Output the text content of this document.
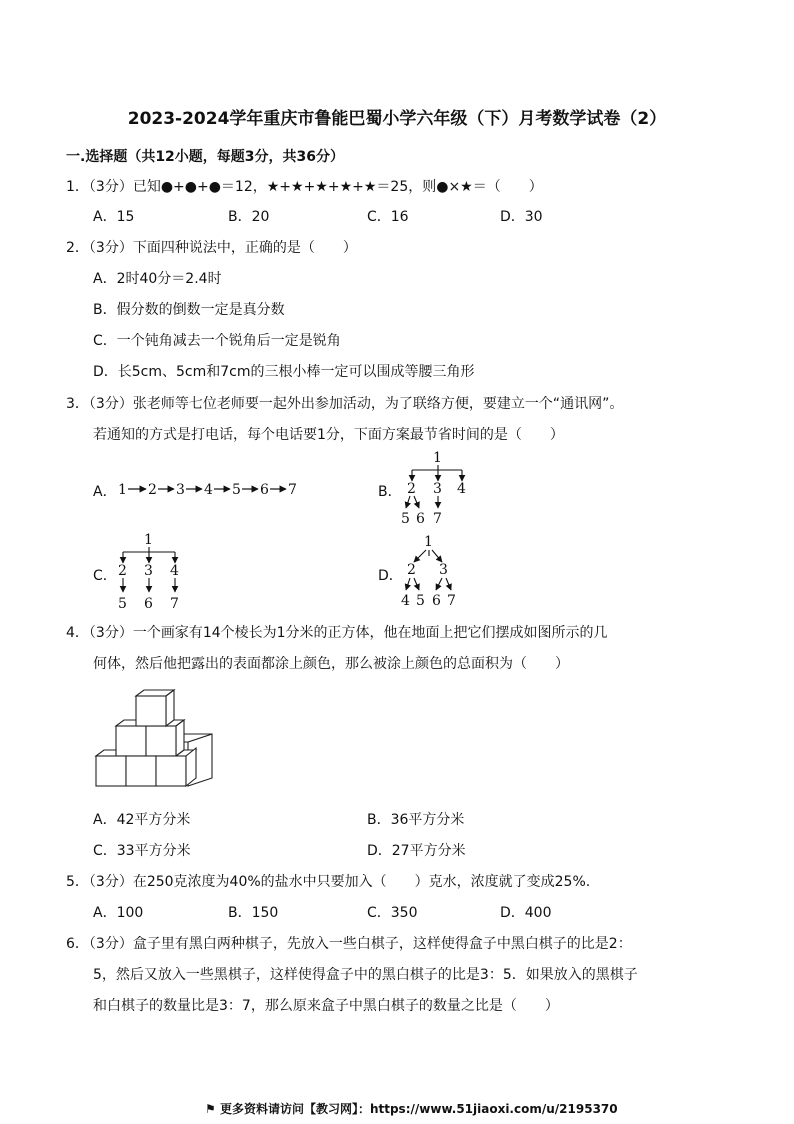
2023-2024学年重庆市鲁能巴蜀小学六年级（下）月考数学试卷（2）
一.选择题（共12小题，每题3分，共36分）
1．（3分）已知●+●+●＝12，★+★+★+★+★＝25，则●×★＝（　　）
A．15	B．20	C．16	D．30
2．（3分）下面四种说法中，正确的是（　　）
A．2时40分＝2.4时
B．假分数的倒数一定是真分数
C．一个钝角减去一个锐角后一定是锐角
D．长5cm、5cm和7cm的三根小棒一定可以围成等腰三角形
3．（3分）张老师等七位老师要一起外出参加活动，为了联络方便，要建立一个“通讯网”。
若通知的方式是打电话，每个电话要1分，下面方案最节省时间的是（　　）
A． 1 2 3 4 5 6 7	B．
1
2 3 4
5 6 7
C．
1
2 3 4
5 6 7
D．
1
2 3
4 5 6 7
4．（3分）一个画家有14个棱长为1分米的正方体，他在地面上把它们摆成如图所示的几
何体，然后他把露出的表面都涂上颜色，那么被涂上颜色的总面积为（　　）
A．42平方分米	B．36平方分米
C．33平方分米	D．27平方分米
5．（3分）在250克浓度为40%的盐水中只要加入（　　）克水，浓度就了变成25%.
A．100	B．150	C．350	D．400
6．（3分）盒子里有黑白两种棋子，先放入一些白棋子，这样使得盒子中黑白棋子的比是2：
5，然后又放入一些黑棋子，这样使得盒子中的黑白棋子的比是3：5．如果放入的黑棋子
和白棋子的数量比是3：7，那么原来盒子中黑白棋子的数量之比是（　　）
⚑ 更多资料请访问【教习网】：https://www.51jiaoxi.com/u/2195370
